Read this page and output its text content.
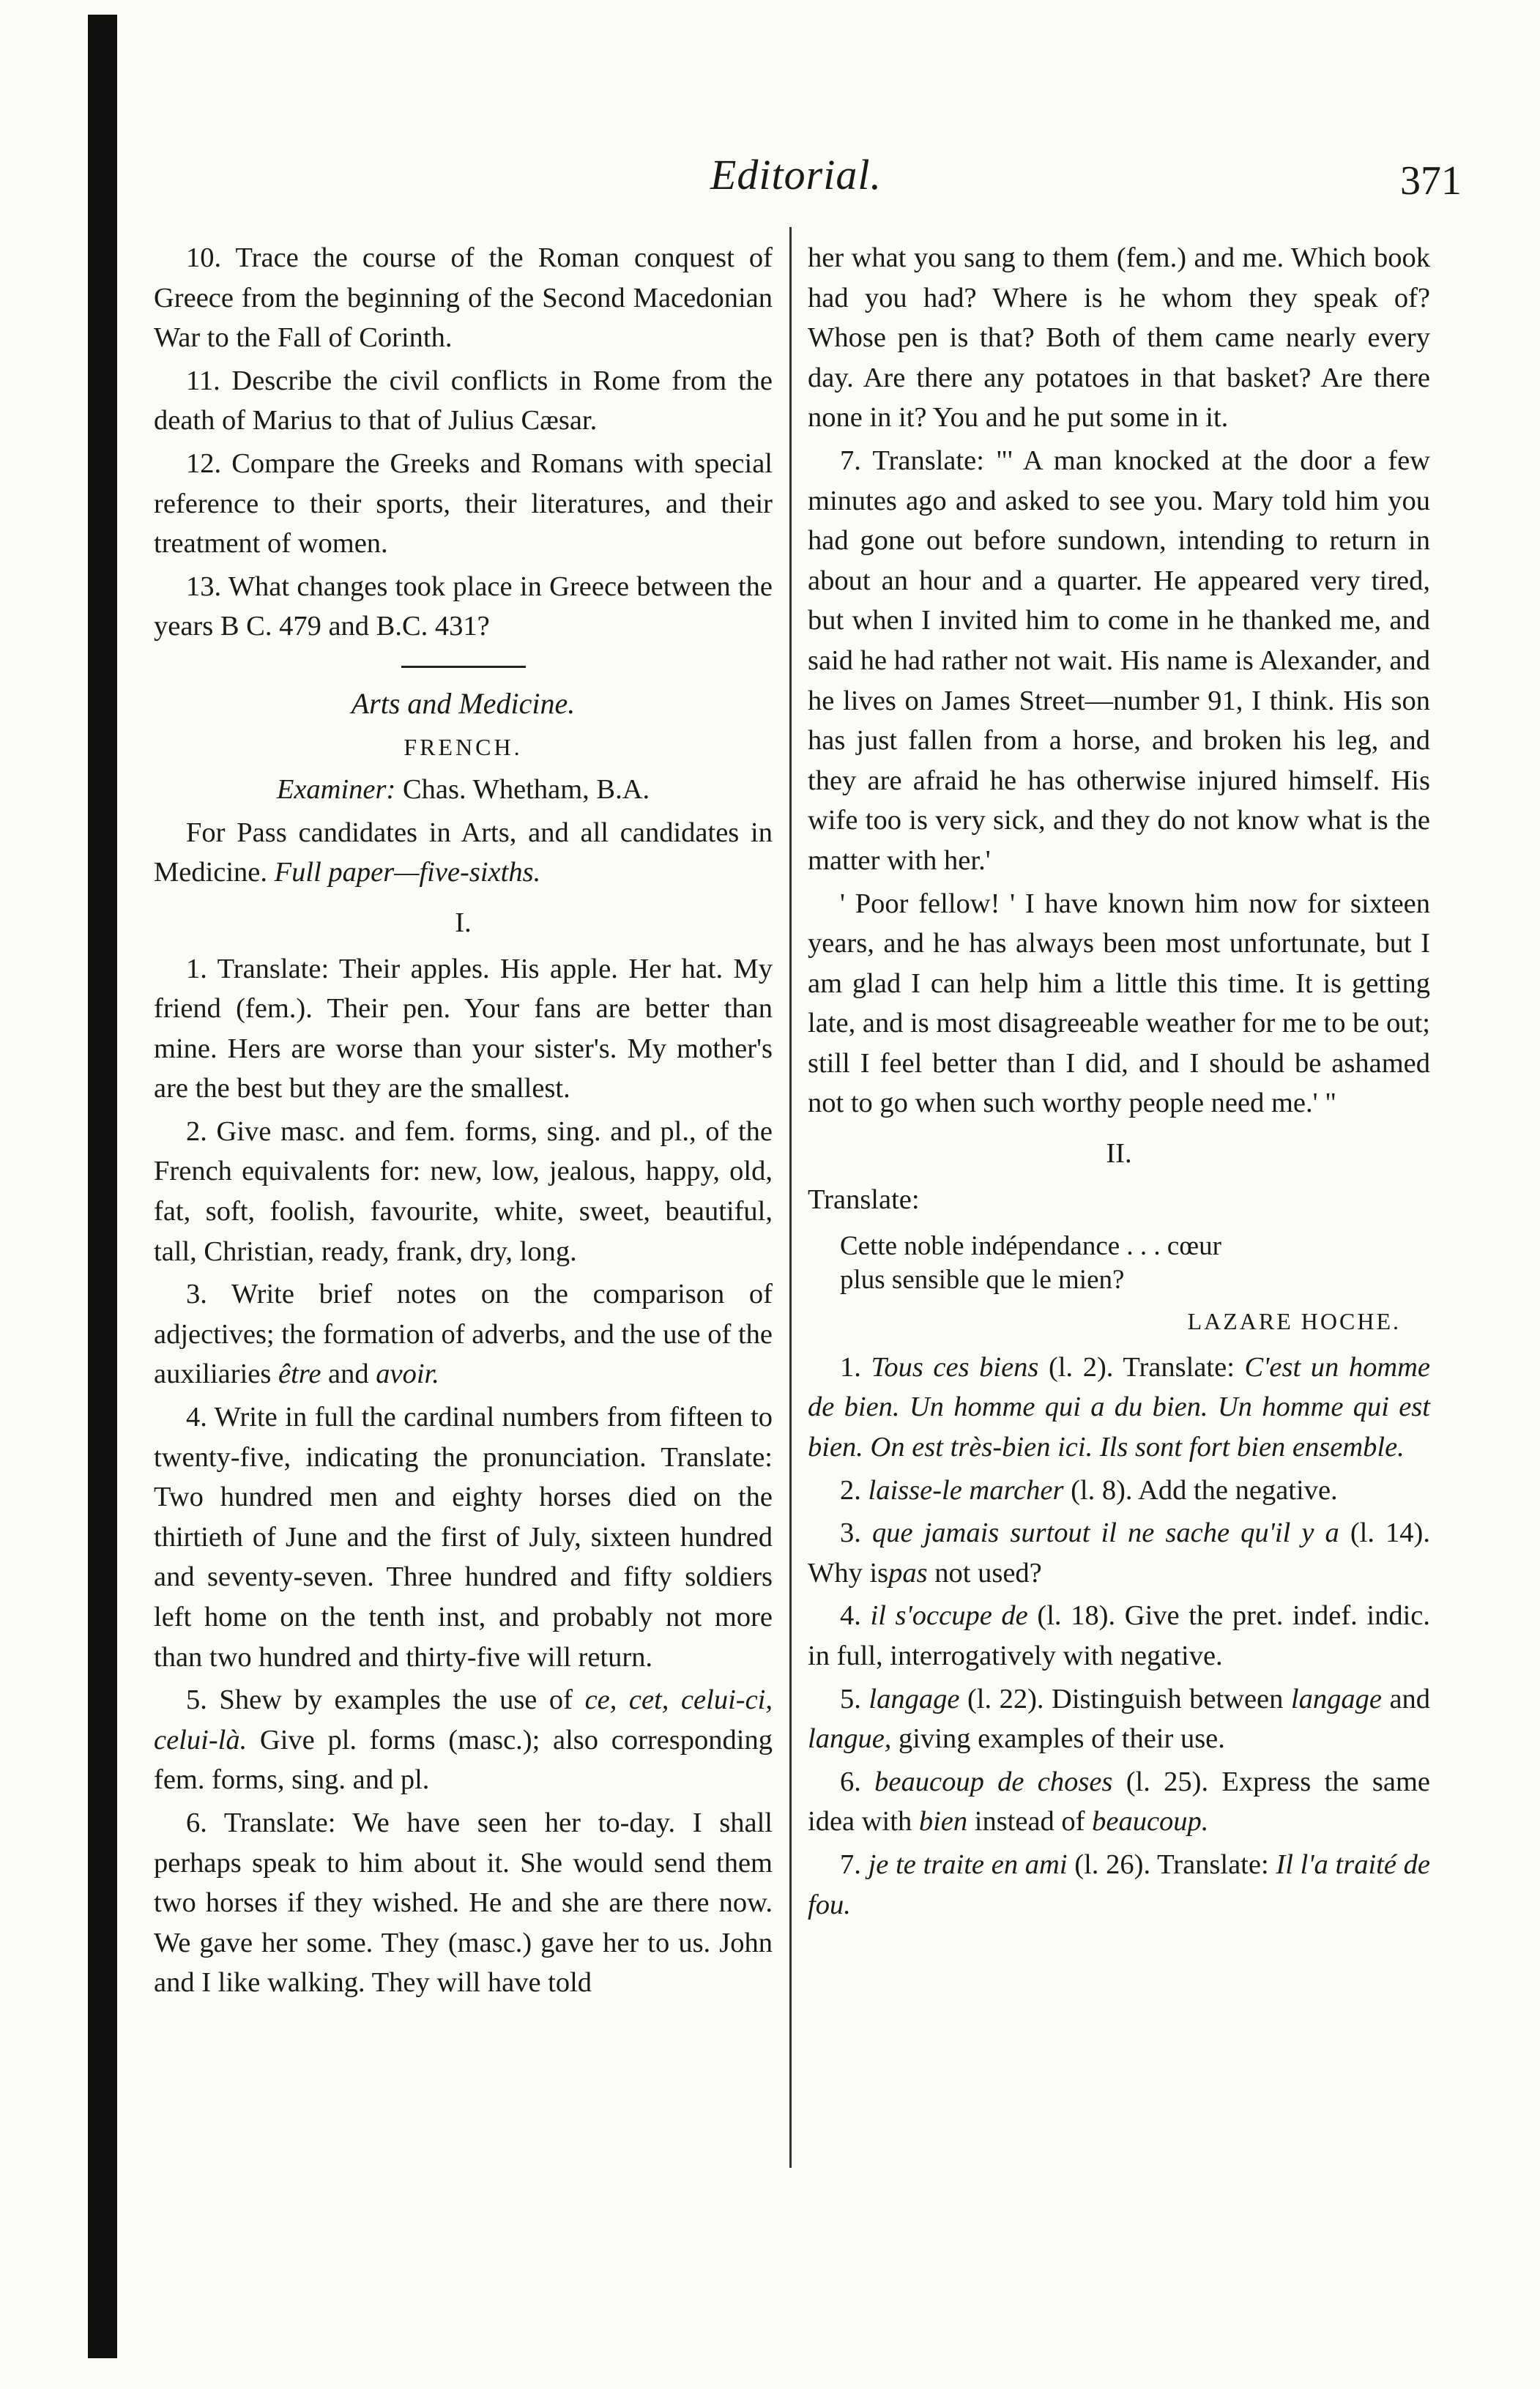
Editorial.	371

10. Trace the course of the Roman conquest of Greece from the beginning of the Second Macedonian War to the Fall of Corinth.

11. Describe the civil conflicts in Rome from the death of Marius to that of Julius Cæsar.

12. Compare the Greeks and Romans with special reference to their sports, their literatures, and their treatment of women.

13. What changes took place in Greece between the years B C. 479 and B.C. 431?

Arts and Medicine.

FRENCH.

Examiner: Chas. Whetham, B.A.

For Pass candidates in Arts, and all candidates in Medicine. Full paper—five-sixths.

I.

1. Translate: Their apples. His apple. Her hat. My friend (fem.). Their pen. Your fans are better than mine. Hers are worse than your sister's. My mother's are the best but they are the smallest.

2. Give masc. and fem. forms, sing. and pl., of the French equivalents for: new, low, jealous, happy, old, fat, soft, foolish, favourite, white, sweet, beautiful, tall, Christian, ready, frank, dry, long.

3. Write brief notes on the comparison of adjectives; the formation of adverbs, and the use of the auxiliaries être and avoir.

4. Write in full the cardinal numbers from fifteen to twenty-five, indicating the pronunciation. Translate: Two hundred men and eighty horses died on the thirtieth of June and the first of July, sixteen hundred and seventy-seven. Three hundred and fifty soldiers left home on the tenth inst, and probably not more than two hundred and thirty-five will return.

5. Shew by examples the use of ce, cet, celui-ci, celui-là. Give pl. forms (masc.); also corresponding fem. forms, sing. and pl.

6. Translate: We have seen her to-day. I shall perhaps speak to him about it. She would send them two horses if they wished. He and she are there now. We gave her some. They (masc.) gave her to us. John and I like walking. They will have told

her what you sang to them (fem.) and me. Which book had you had? Where is he whom they speak of? Whose pen is that? Both of them came nearly every day. Are there any potatoes in that basket? Are there none in it? You and he put some in it.

7. Translate: "' A man knocked at the door a few minutes ago and asked to see you. Mary told him you had gone out before sundown, intending to return in about an hour and a quarter. He appeared very tired, but when I invited him to come in he thanked me, and said he had rather not wait. His name is Alexander, and he lives on James Street—number 91, I think. His son has just fallen from a horse, and broken his leg, and they are afraid he has otherwise injured himself. His wife too is very sick, and they do not know what is the matter with her.'

' Poor fellow! ' I have known him now for sixteen years, and he has always been most unfortunate, but I am glad I can help him a little this time. It is getting late, and is most disagreeable weather for me to be out; still I feel better than I did, and I should be ashamed not to go when such worthy people need me.' "

II.

Translate:

Cette noble indépendance . . . cœur
plus sensible que le mien?

LAZARE HOCHE.

1. Tous ces biens (l. 2). Translate: C'est un homme de bien. Un homme qui a du bien. Un homme qui est bien. On est très-bien ici. Ils sont fort bien ensemble.

2. laisse-le marcher (l. 8). Add the negative.

3. que jamais surtout il ne sache qu'il y a (l. 14). Why ispas not used?

4. il s'occupe de (l. 18). Give the pret. indef. indic. in full, interrogatively with negative.

5. langage (l. 22). Distinguish between langage and langue, giving examples of their use.

6. beaucoup de choses (l. 25). Express the same idea with bien instead of beaucoup.

7. je te traite en ami (l. 26). Translate: Il l'a traité de fou.
